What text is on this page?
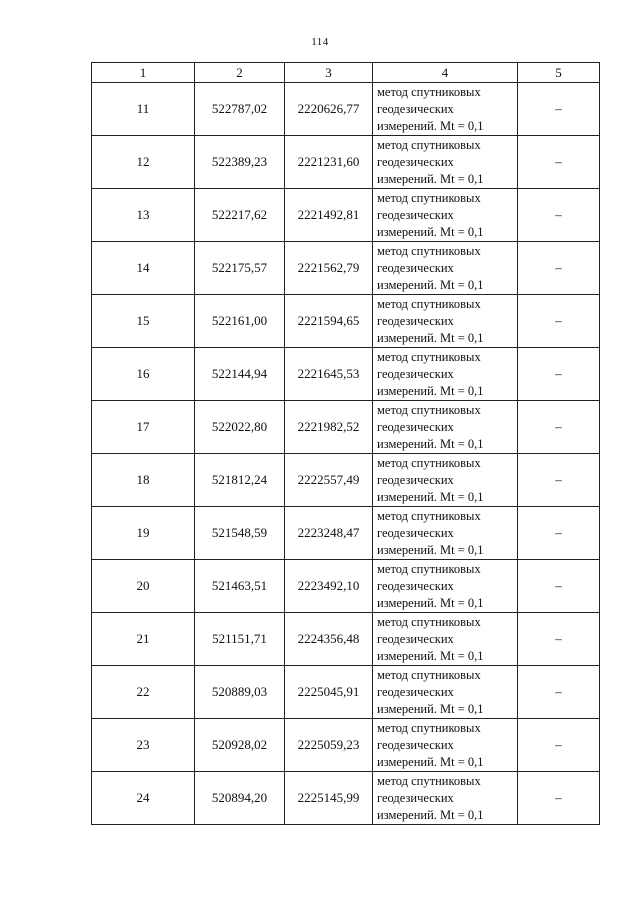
114
1	2	3	4	5
11	522787,02	2220626,77	метод спутниковых
геодезических
измерений. Mt = 0,1	–
12	522389,23	2221231,60	метод спутниковых
геодезических
измерений. Mt = 0,1	–
13	522217,62	2221492,81	метод спутниковых
геодезических
измерений. Mt = 0,1	–
14	522175,57	2221562,79	метод спутниковых
геодезических
измерений. Mt = 0,1	–
15	522161,00	2221594,65	метод спутниковых
геодезических
измерений. Mt = 0,1	–
16	522144,94	2221645,53	метод спутниковых
геодезических
измерений. Mt = 0,1	–
17	522022,80	2221982,52	метод спутниковых
геодезических
измерений. Mt = 0,1	–
18	521812,24	2222557,49	метод спутниковых
геодезических
измерений. Mt = 0,1	–
19	521548,59	2223248,47	метод спутниковых
геодезических
измерений. Mt = 0,1	–
20	521463,51	2223492,10	метод спутниковых
геодезических
измерений. Mt = 0,1	–
21	521151,71	2224356,48	метод спутниковых
геодезических
измерений. Mt = 0,1	–
22	520889,03	2225045,91	метод спутниковых
геодезических
измерений. Mt = 0,1	–
23	520928,02	2225059,23	метод спутниковых
геодезических
измерений. Mt = 0,1	–
24	520894,20	2225145,99	метод спутниковых
геодезических
измерений. Mt = 0,1	–
